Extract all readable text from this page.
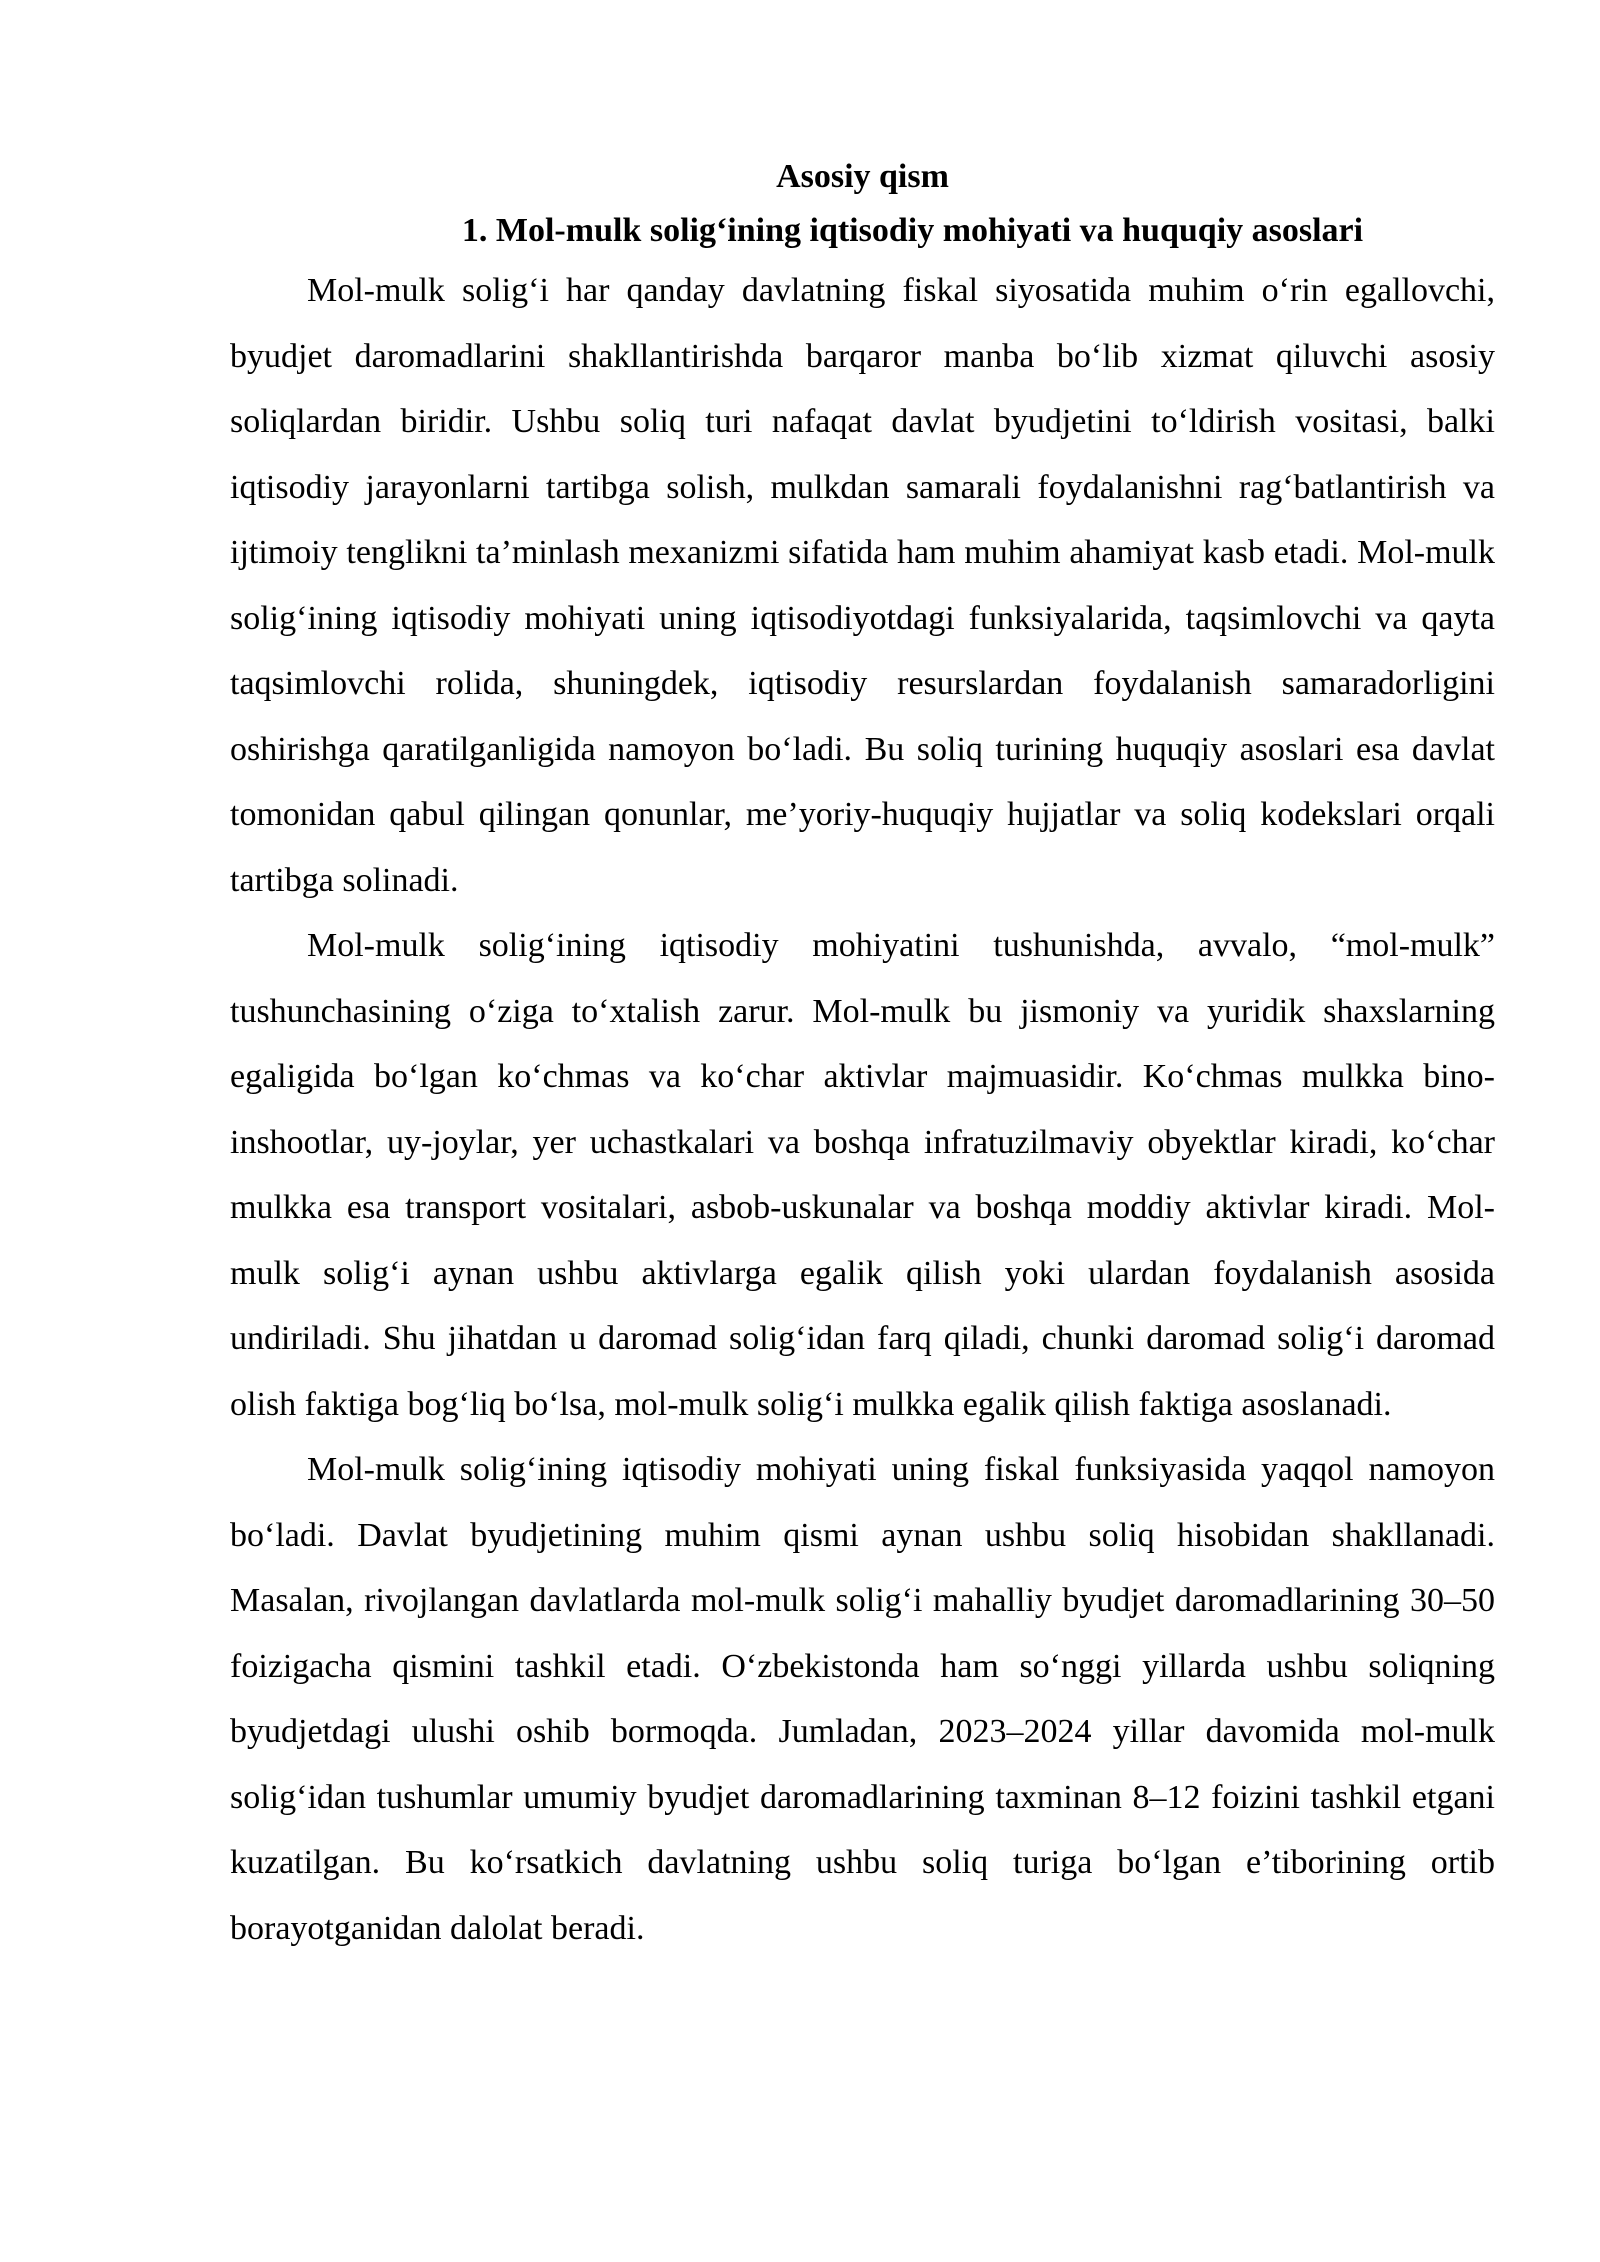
Asosiy qism

1. Mol-mulk solig‘ining iqtisodiy mohiyati va huquqiy asoslari

Mol-mulk solig‘i har qanday davlatning fiskal siyosatida muhim o‘rin egallovchi, byudjet daromadlarini shakllantirishda barqaror manba bo‘lib xizmat qiluvchi asosiy soliqlardan biridir. Ushbu soliq turi nafaqat davlat byudjetini to‘ldirish vositasi, balki iqtisodiy jarayonlarni tartibga solish, mulkdan samarali foydalanishni rag‘batlantirish va ijtimoiy tenglikni ta’minlash mexanizmi sifatida ham muhim ahamiyat kasb etadi. Mol-mulk solig‘ining iqtisodiy mohiyati uning iqtisodiyotdagi funksiyalarida, taqsimlovchi va qayta taqsimlovchi rolida, shuningdek, iqtisodiy resurslardan foydalanish samaradorligini oshirishga qaratilganligida namoyon bo‘ladi. Bu soliq turining huquqiy asoslari esa davlat tomonidan qabul qilingan qonunlar, me’yoriy-huquqiy hujjatlar va soliq kodekslari orqali tartibga solinadi.

Mol-mulk solig‘ining iqtisodiy mohiyatini tushunishda, avvalo, “mol-mulk” tushunchasining o‘ziga to‘xtalish zarur. Mol-mulk bu jismoniy va yuridik shaxslarning egaligida bo‘lgan ko‘chmas va ko‘char aktivlar majmuasidir. Ko‘chmas mulkka bino-inshootlar, uy-joylar, yer uchastkalari va boshqa infratuzilmaviy obyektlar kiradi, ko‘char mulkka esa transport vositalari, asbob-uskunalar va boshqa moddiy aktivlar kiradi. Mol-mulk solig‘i aynan ushbu aktivlarga egalik qilish yoki ulardan foydalanish asosida undiriladi. Shu jihatdan u daromad solig‘idan farq qiladi, chunki daromad solig‘i daromad olish faktiga bog‘liq bo‘lsa, mol-mulk solig‘i mulkka egalik qilish faktiga asoslanadi.

Mol-mulk solig‘ining iqtisodiy mohiyati uning fiskal funksiyasida yaqqol namoyon bo‘ladi. Davlat byudjetining muhim qismi aynan ushbu soliq hisobidan shakllanadi. Masalan, rivojlangan davlatlarda mol-mulk solig‘i mahalliy byudjet daromadlarining 30–50 foizigacha qismini tashkil etadi. O‘zbekistonda ham so‘nggi yillarda ushbu soliqning byudjetdagi ulushi oshib bormoqda. Jumladan, 2023–2024 yillar davomida mol-mulk solig‘idan tushumlar umumiy byudjet daromadlarining taxminan 8–12 foizini tashkil etgani kuzatilgan. Bu ko‘rsatkich davlatning ushbu soliq turiga bo‘lgan e’tiborining ortib borayotganidan dalolat beradi.
